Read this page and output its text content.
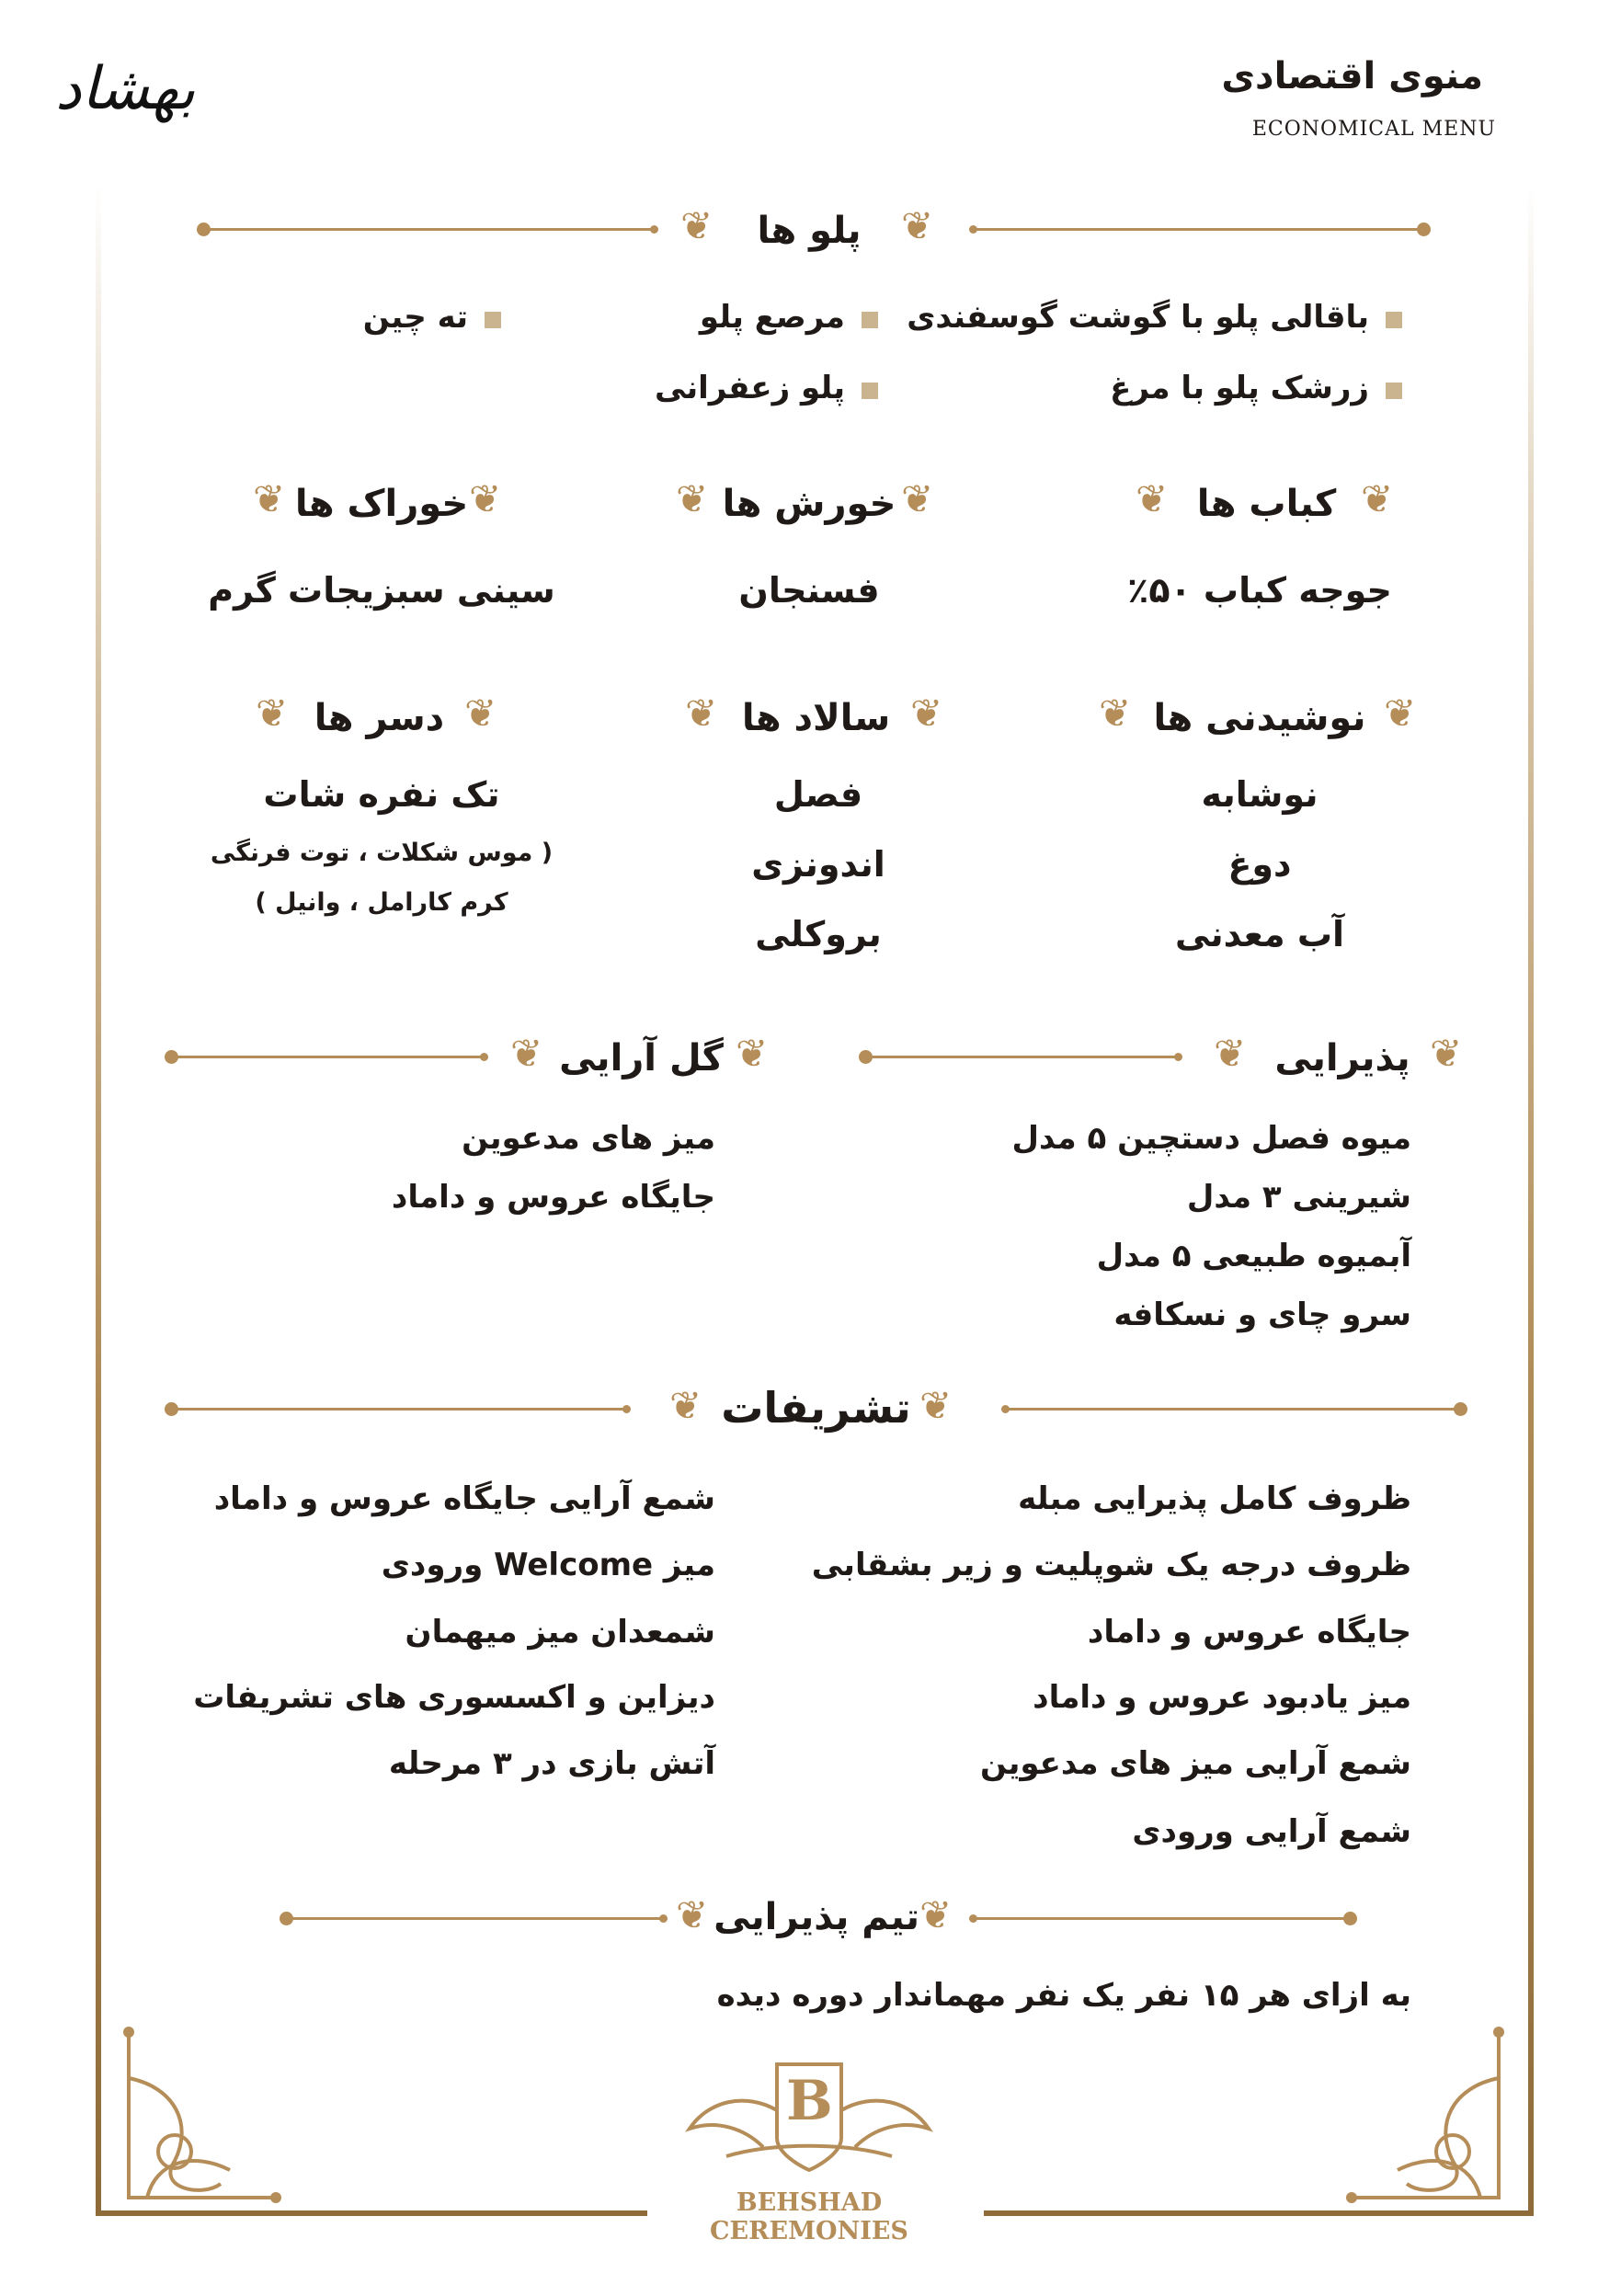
بهشاد	منوی اقتصادی
ECONOMICAL MENU
❦	❦
پلو ها
باقالی پلو با گوشت گوسفندی
زرشک پلو با مرغ
مرصع پلو
پلو زعفرانی
ته چین
❦	❦
کباب ها
جوجه کباب ۵۰٪
❦	❦
خورش ها
فسنجان
❦	❦
خوراک ها
سینی سبزیجات گرم
❦	❦
نوشیدنی ها
نوشابه
دوغ
آب معدنی
❦	❦
سالاد ها
فصل
اندونزی
بروکلی
❦	❦
دسر ها
تک نفره شات
( موس شکلات ، توت فرنگی
کرم کارامل ، وانیل )
❦	❦
پذیرایی
❦	❦
گل آرایی
میوه فصل دستچین ۵ مدل
شیرینی ۳ مدل
آبمیوه طبیعی ۵ مدل
سرو چای و نسکافه
میز های مدعوین
جایگاه عروس و داماد
❦	❦
تشریفات
ظروف کامل پذیرایی مبله
ظروف درجه یک شوپلیت و زیر بشقابی
جایگاه عروس و داماد
میز یادبود عروس و داماد
شمع آرایی میز های مدعوین
شمع آرایی ورودی
شمع آرایی جایگاه عروس و داماد
میز Welcome ورودی
شمعدان میز میهمان
دیزاین و اکسسوری های تشریفات
آتش بازی در ۳ مرحله
❦	❦
تیم پذیرایی
به ازای هر ۱۵ نفر یک نفر مهماندار دوره دیده
B
BEHSHAD CEREMONIES
